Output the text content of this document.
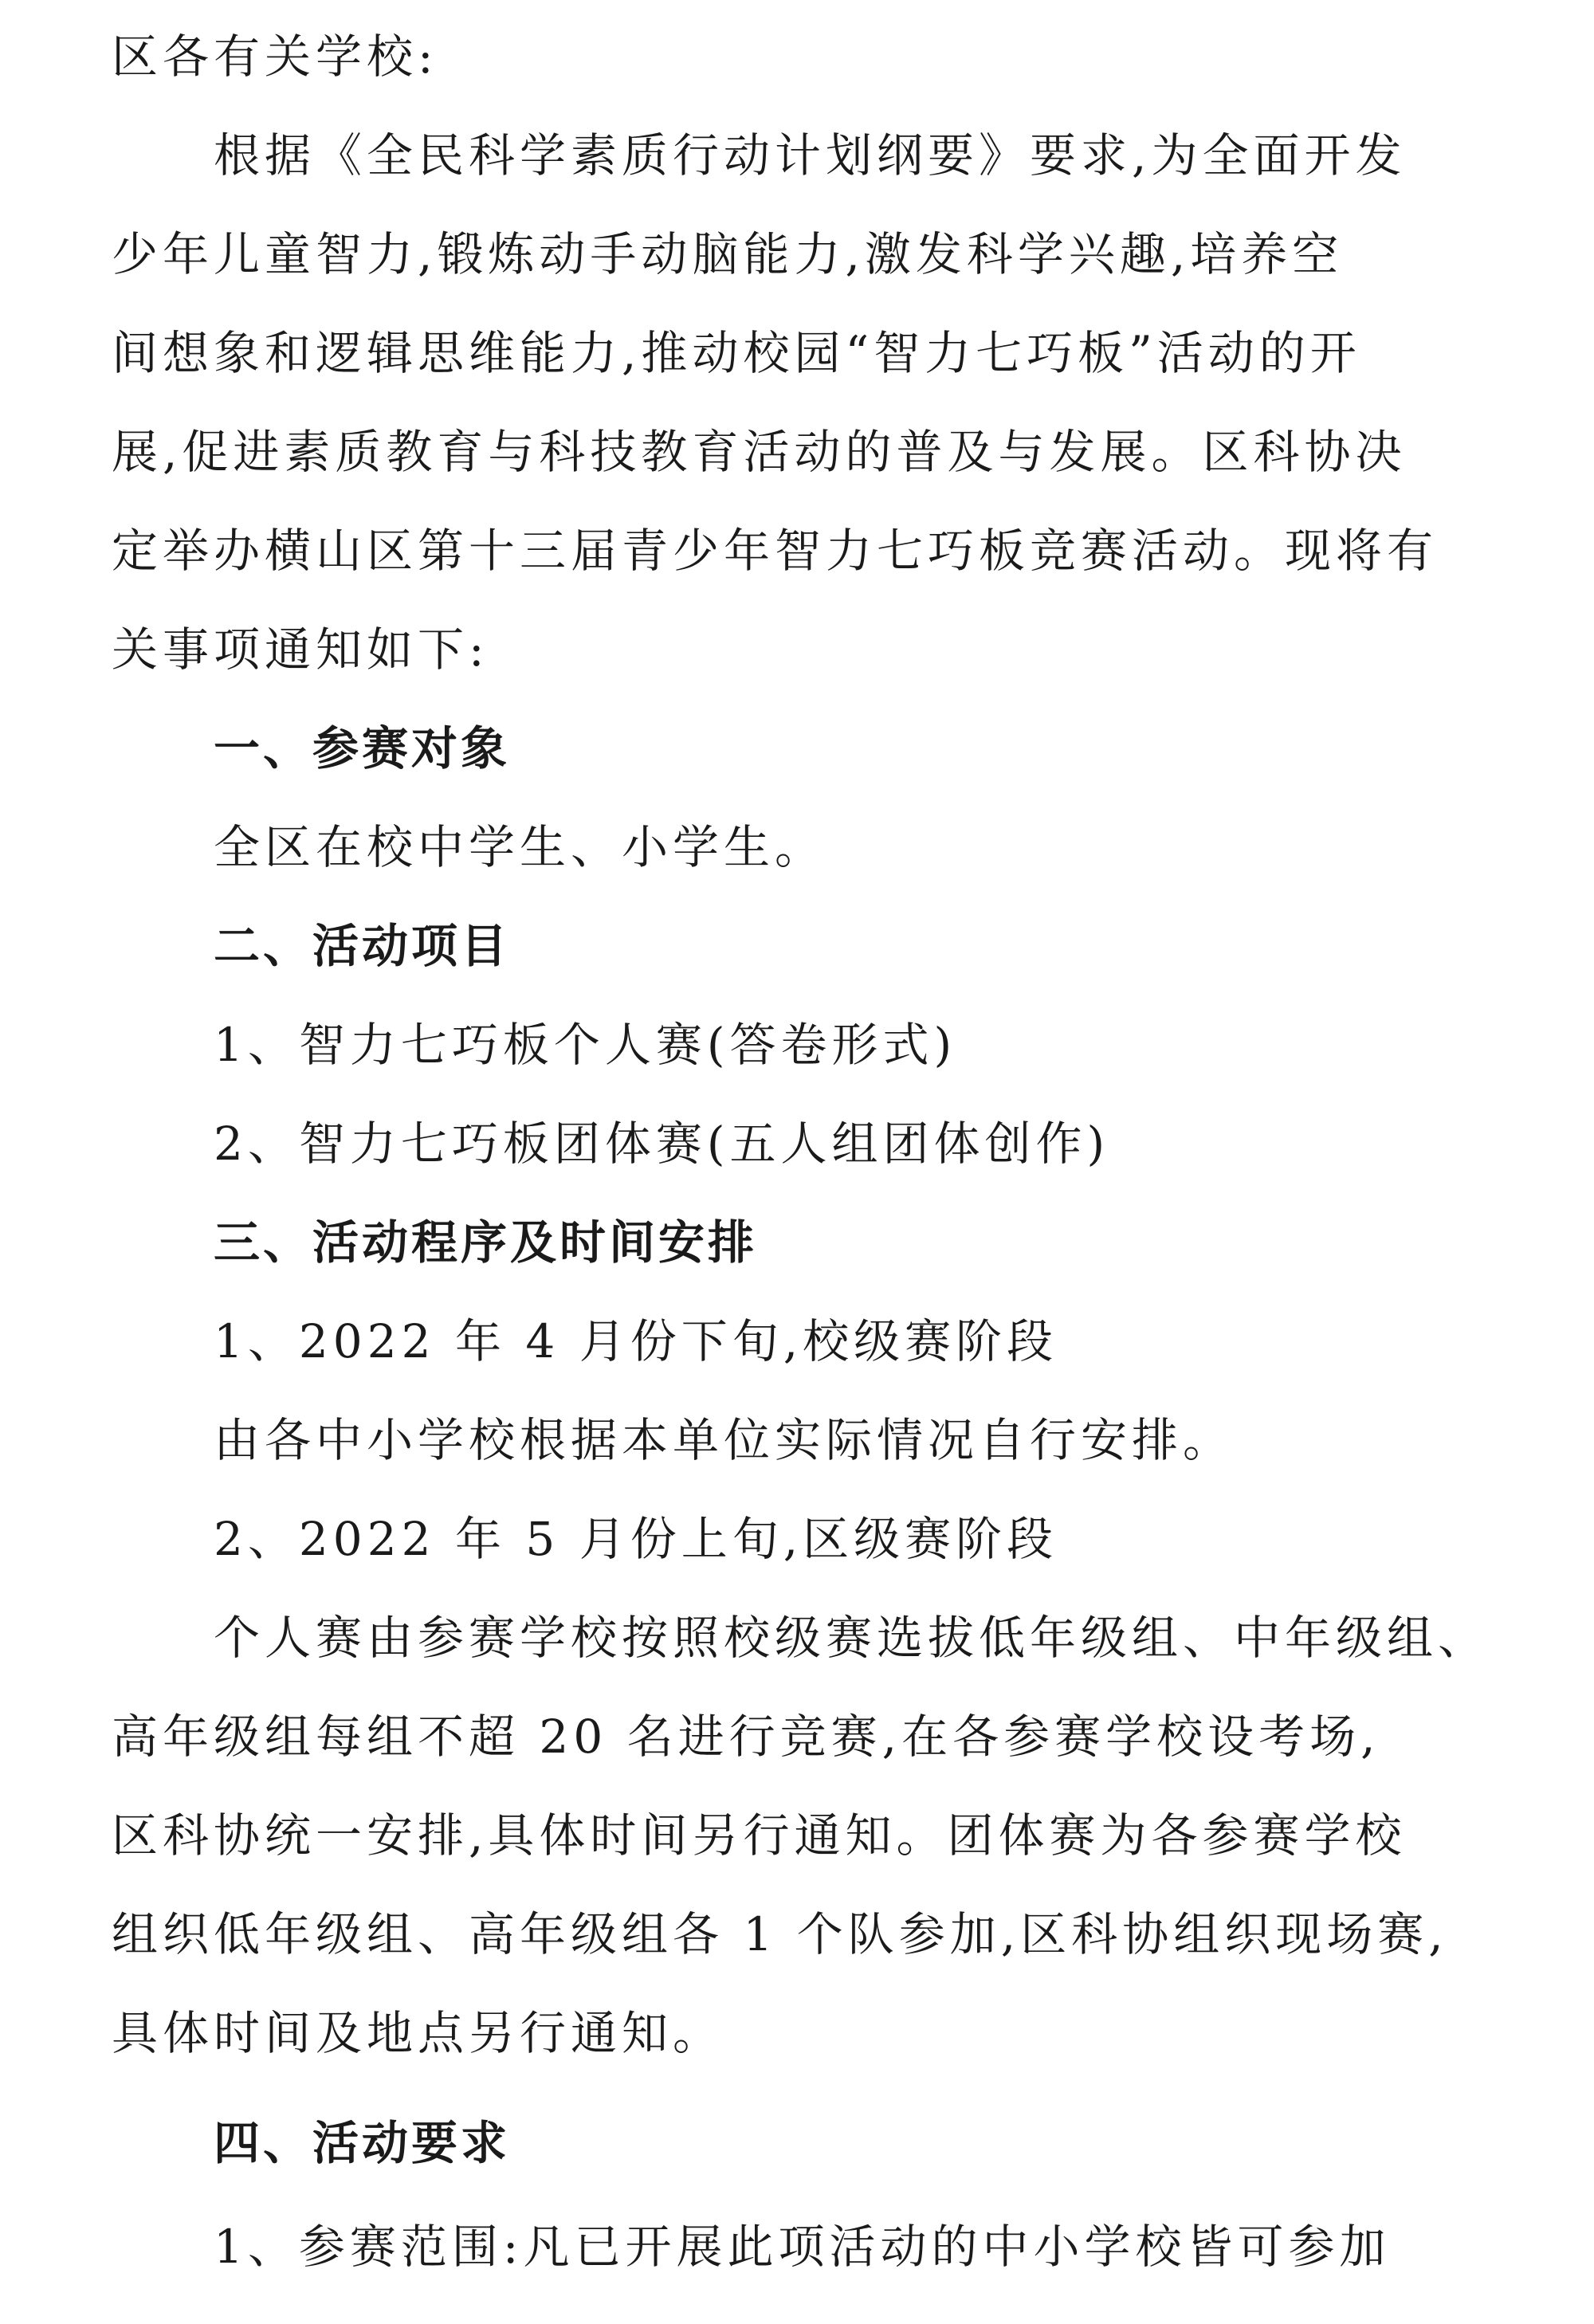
区各有关学校:
根据《全民科学素质行动计划纲要》要求,为全面开发
少年儿童智力,锻炼动手动脑能力,激发科学兴趣,培养空
间想象和逻辑思维能力,推动校园“智力七巧板”活动的开
展,促进素质教育与科技教育活动的普及与发展。区科协决
定举办横山区第十三届青少年智力七巧板竞赛活动。现将有
关事项通知如下:
一、参赛对象
全区在校中学生、小学生。
二、活动项目
1、智力七巧板个人赛(答卷形式)
2、智力七巧板团体赛(五人组团体创作)
三、活动程序及时间安排
1、2022 年 4 月份下旬,校级赛阶段
由各中小学校根据本单位实际情况自行安排。
2、2022 年 5 月份上旬,区级赛阶段
个人赛由参赛学校按照校级赛选拔低年级组、中年级组、
高年级组每组不超 20 名进行竞赛,在各参赛学校设考场,
区科协统一安排,具体时间另行通知。团体赛为各参赛学校
组织低年级组、高年级组各 1 个队参加,区科协组织现场赛,
具体时间及地点另行通知。
四、活动要求
1、参赛范围:凡已开展此项活动的中小学校皆可参加
